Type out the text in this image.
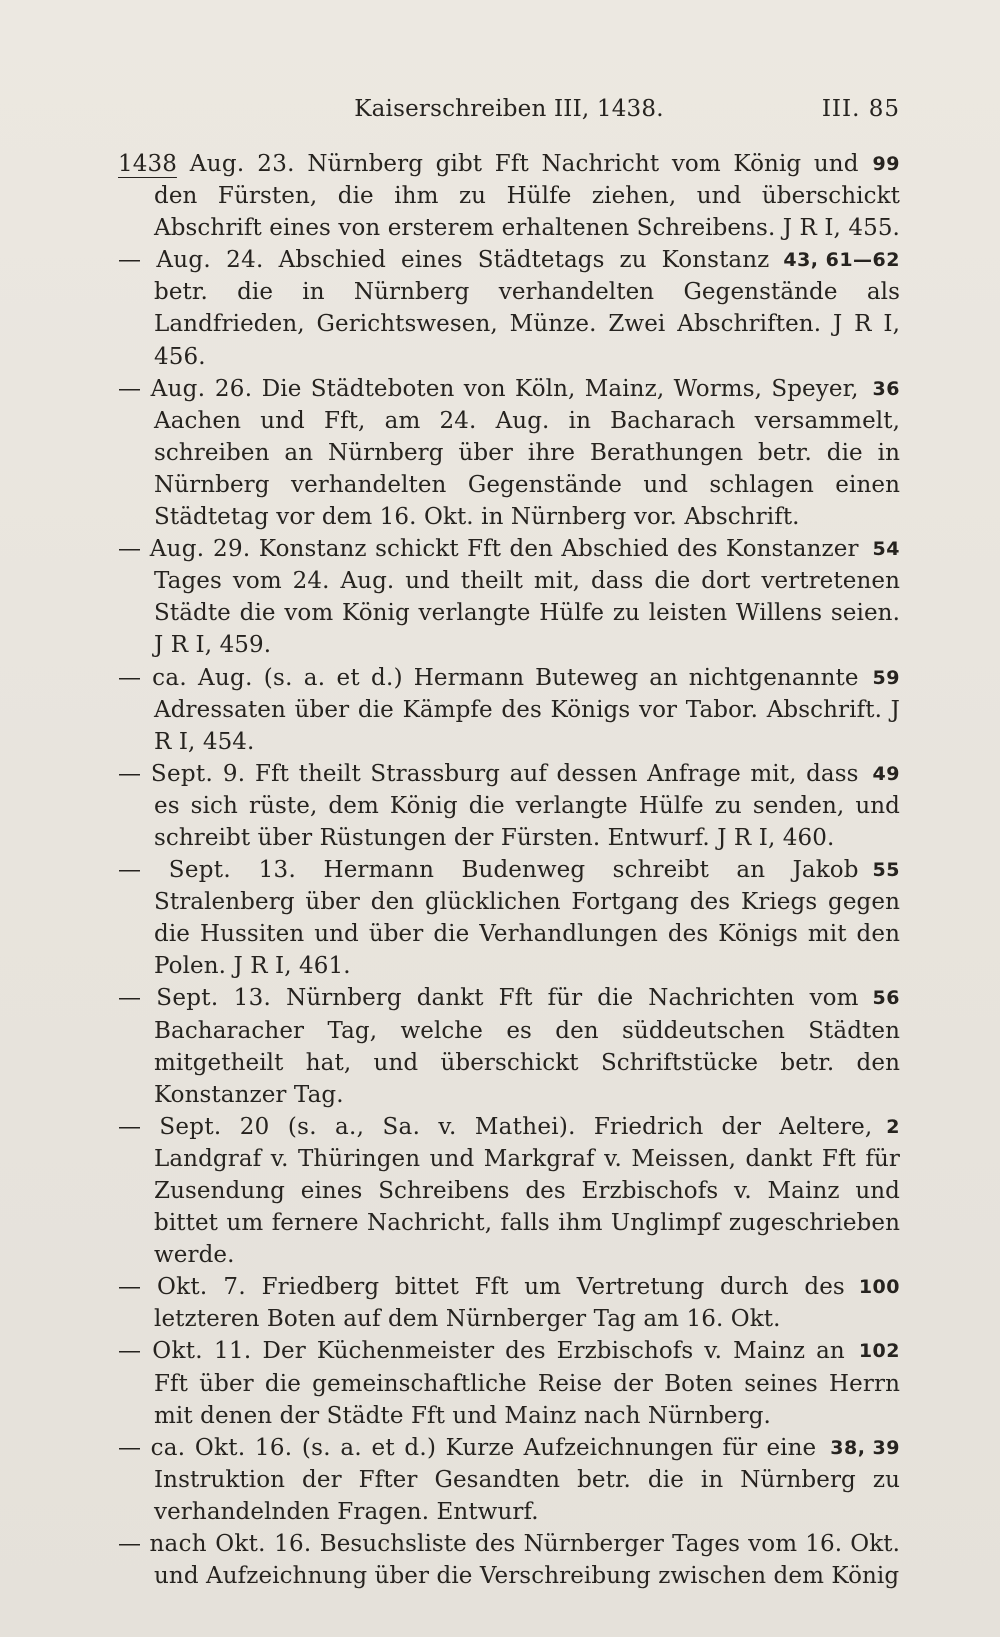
Kaiserschreiben III, 1438.	III. 85
99
1438 Aug. 23. Nürnberg gibt Fft Nachricht vom König und den Fürsten, die ihm zu Hülfe ziehen, und überschickt Abschrift eines von ersterem erhaltenen Schreibens. J R I, 455.
43, 61—62
— Aug. 24. Abschied eines Städtetags zu Konstanz betr. die in Nürnberg verhandelten Gegenstände als Landfrieden, Gerichtswesen, Münze. Zwei Abschriften. J R I, 456.
36
— Aug. 26. Die Städteboten von Köln, Mainz, Worms, Speyer, Aachen und Fft, am 24. Aug. in Bacharach versammelt, schreiben an Nürnberg über ihre Berathungen betr. die in Nürnberg verhandelten Gegenstände und schlagen einen Städtetag vor dem 16. Okt. in Nürnberg vor. Abschrift.
54
— Aug. 29. Konstanz schickt Fft den Abschied des Konstanzer Tages vom 24. Aug. und theilt mit, dass die dort vertretenen Städte die vom König verlangte Hülfe zu leisten Willens seien. J R I, 459.
59
— ca. Aug. (s. a. et d.) Hermann Buteweg an nichtgenannte Adressaten über die Kämpfe des Königs vor Tabor. Abschrift. J R I, 454.
49
— Sept. 9. Fft theilt Strassburg auf dessen Anfrage mit, dass es sich rüste, dem König die verlangte Hülfe zu senden, und schreibt über Rüstungen der Fürsten. Entwurf. J R I, 460.
55
— Sept. 13. Hermann Budenweg schreibt an Jakob Stralenberg über den glücklichen Fortgang des Kriegs gegen die Hussiten und über die Verhandlungen des Königs mit den Polen. J R I, 461.
56
— Sept. 13. Nürnberg dankt Fft für die Nachrichten vom Bacharacher Tag, welche es den süddeutschen Städten mitgetheilt hat, und überschickt Schriftstücke betr. den Konstanzer Tag.
2
— Sept. 20 (s. a., Sa. v. Mathei). Friedrich der Aeltere, Landgraf v. Thüringen und Markgraf v. Meissen, dankt Fft für Zusendung eines Schreibens des Erzbischofs v. Mainz und bittet um fernere Nachricht, falls ihm Unglimpf zugeschrieben werde.
100
— Okt. 7. Friedberg bittet Fft um Vertretung durch des letzteren Boten auf dem Nürnberger Tag am 16. Okt.
102
— Okt. 11. Der Küchenmeister des Erzbischofs v. Mainz an Fft über die gemeinschaftliche Reise der Boten seines Herrn mit denen der Städte Fft und Mainz nach Nürnberg.
38, 39
— ca. Okt. 16. (s. a. et d.) Kurze Aufzeichnungen für eine Instruktion der Ffter Gesandten betr. die in Nürnberg zu verhandelnden Fragen. Entwurf.
— nach Okt. 16. Besuchsliste des Nürnberger Tages vom 16. Okt. und Aufzeichnung über die Verschreibung zwischen dem König
